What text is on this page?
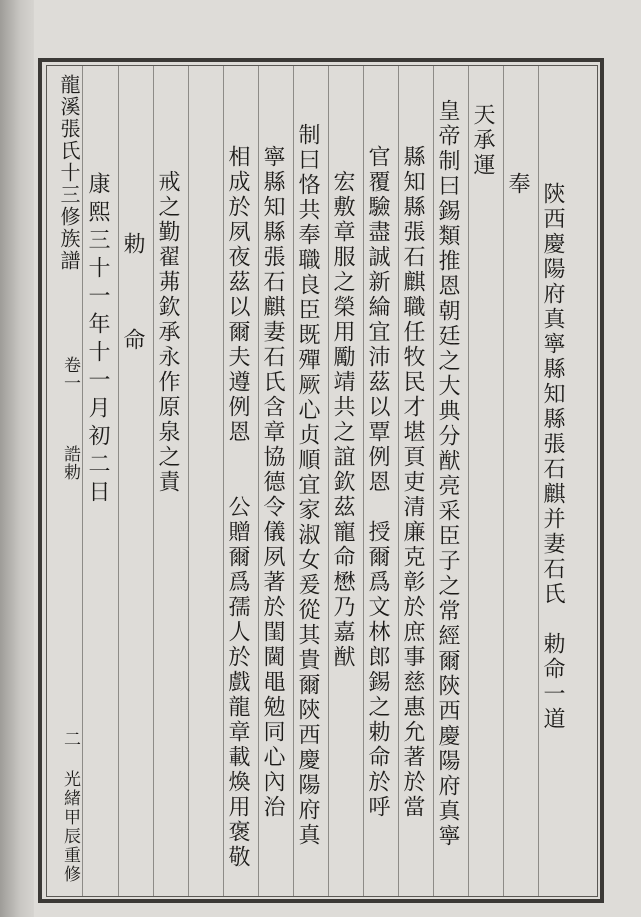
龍溪張氏十三修族譜
卷一
誥勅
二
光緒甲辰重修
陝西慶陽府真寧縣知縣張石麒并妻石氏　勅命一道
奉
天承運
皇帝制曰錫類推恩朝廷之大典分猷亮采臣子之常經爾陝西慶陽府真寧
縣知縣張石麒職任牧民才堪頁吏清廉克彰於庶事慈惠允著於當
官覆驗盡誠新綸宜沛茲以覃例恩　授爾爲文林郎錫之勅命於呼
宏敷章服之榮用勵靖共之誼欽茲寵命懋乃嘉猷
制曰恪共奉職良臣既殫厥心贞順宜家淑女爰從其貴爾陝西慶陽府真
寧縣知縣張石麒妻石氏含章協德令儀夙著於閨閫黽勉同心內治
相成於夙夜茲以爾夫遵例恩　　公贈爾爲孺人於戲龍章載煥用褒敬
戒之勤翟茀欽承永作原泉之責
勅　　命
康熙三十一年十一月初二日
